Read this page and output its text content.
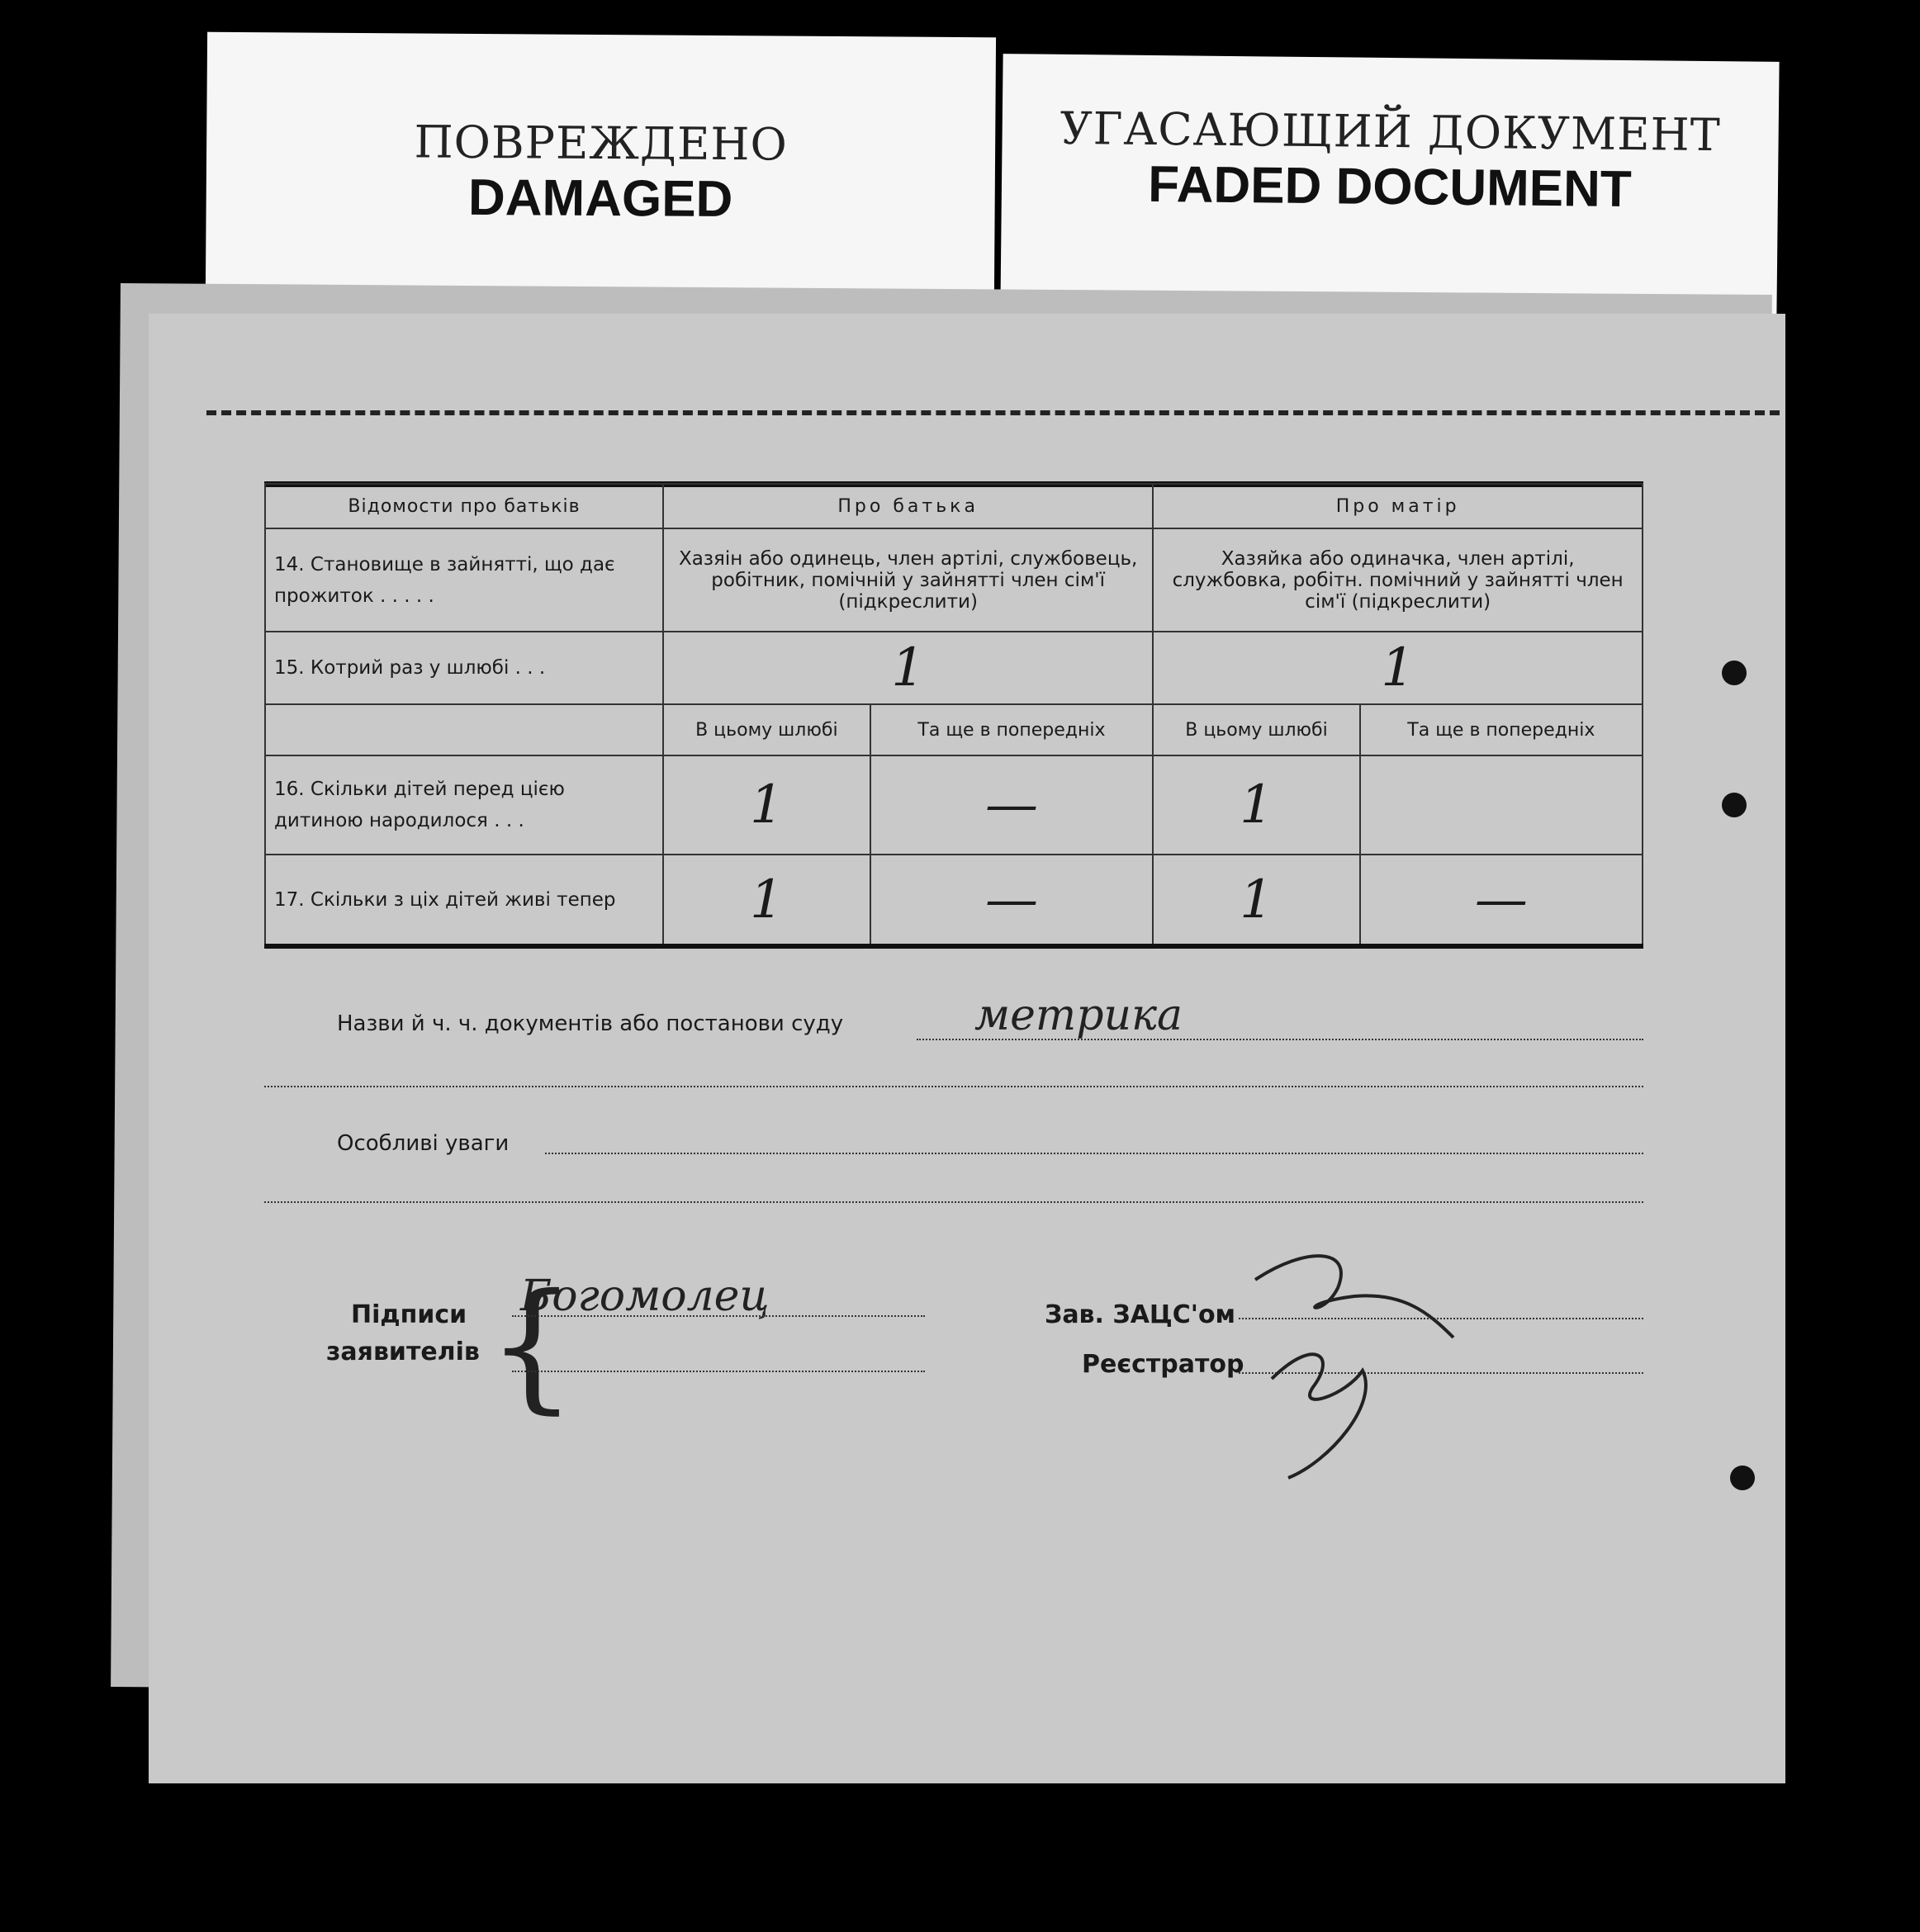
ПОВРЕЖДЕНО
DAMAGED
УГАСАЮЩИЙ ДОКУМЕНТ
FADED DOCUMENT
Відомости про батьків	Про батька		Про матір	
14. Становище в зайнятті, що дає прожиток . . . . .	Хазяін або одинець, член артілі, службовець, робітник, помічній у зайнятті член сім'ї (підкреслити)		Хазяйка або одиначка, член артілі, службовка, робітн. помічний у зайнятті член сім'ї (підкреслити)	
15. Котрий раз у шлюбі . . .	1		1	
	В цьому шлюбі	Та ще в попередніх	В цьому шлюбі	Та ще в попередніх
16. Скільки дітей перед цією дитиною народилося . . .	1	—	1	
17. Скільки з ціх дітей живі тепер	1	—	1	—
Назви й ч. ч. документів або постанови суду	метрика
Особливі уваги
Підписи
заявителів {
Богомолец	Зав. ЗАЦС'ом
Реєстратор
